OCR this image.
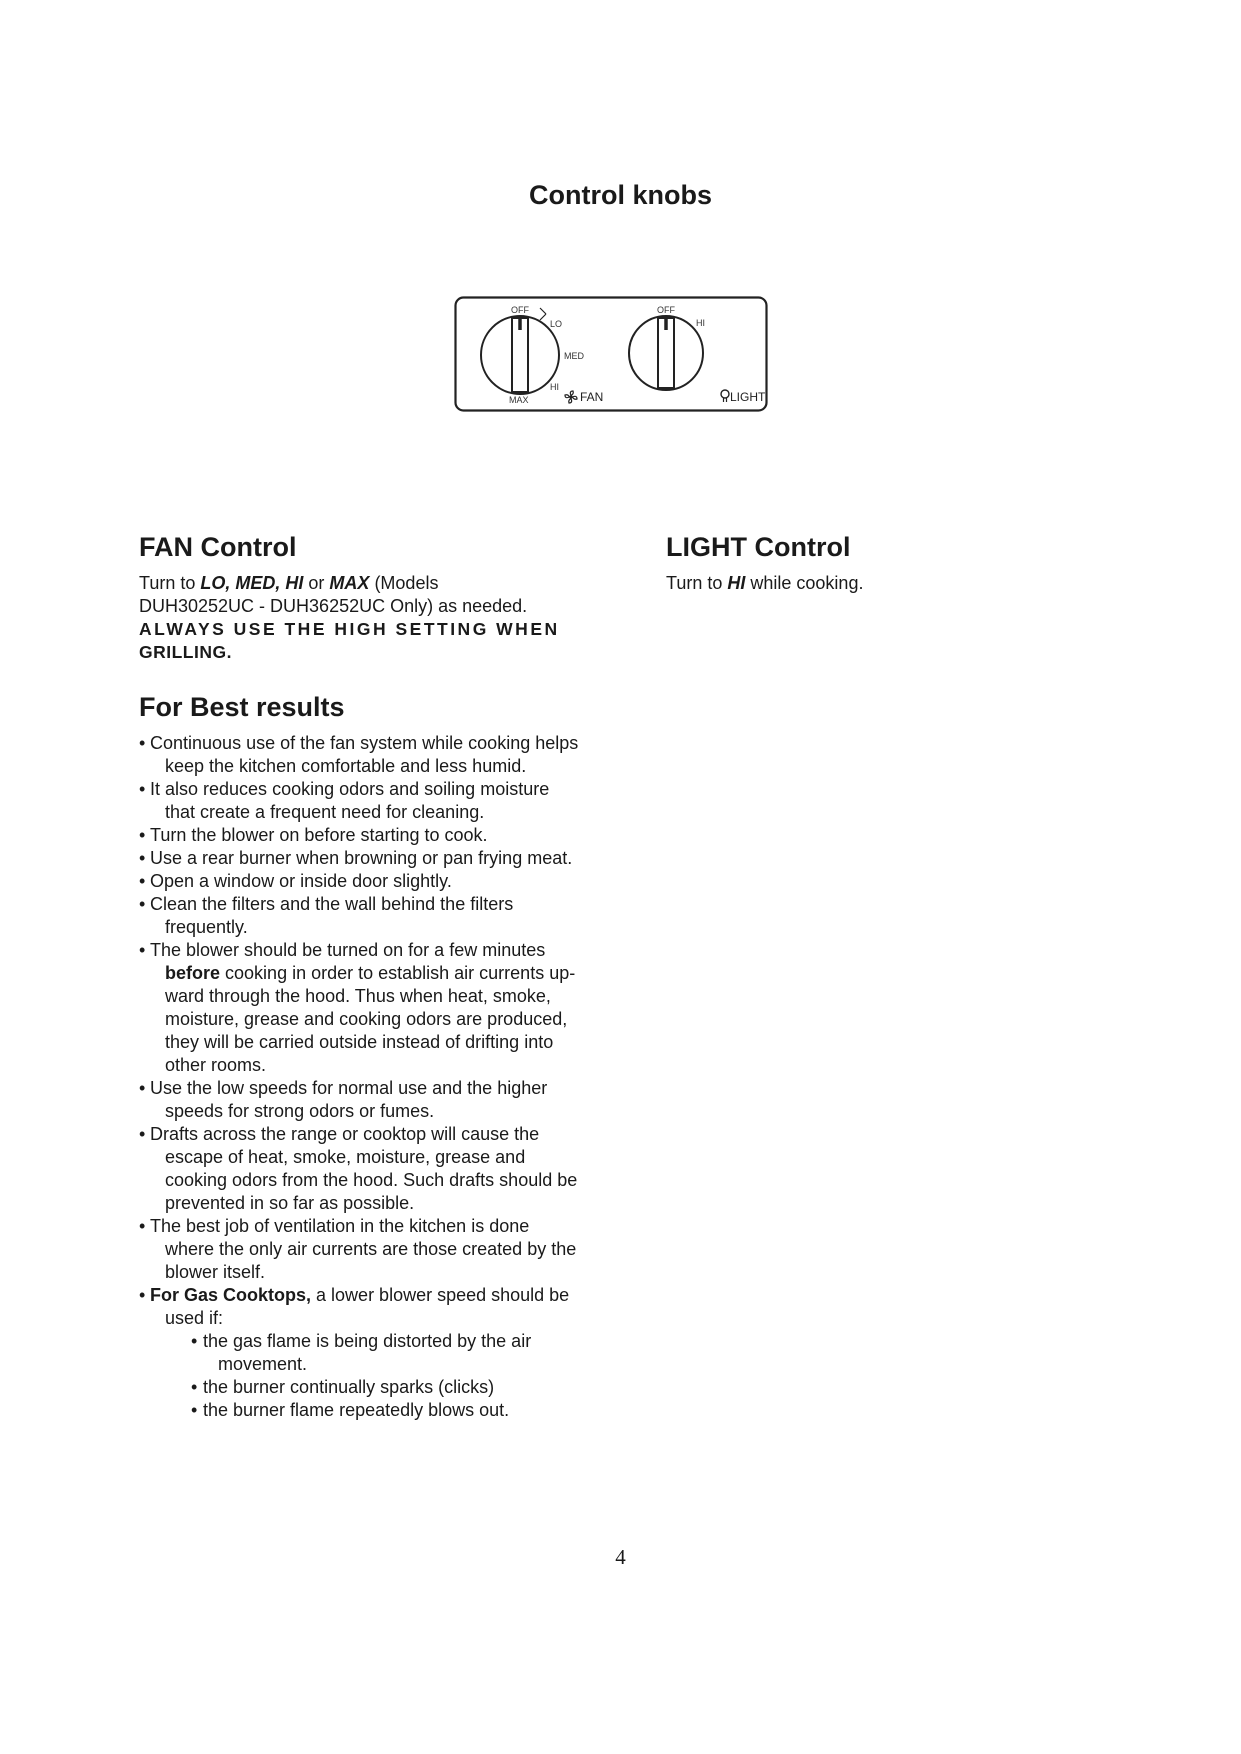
Control knobs
OFF
LO
MED
HI
MAX	FAN
OFF
HI
LIGHT
FAN Control
Turn to LO, MED, HI or MAX (Models
DUH30252UC - DUH36252UC Only) as needed.
ALWAYS USE THE HIGH SETTING WHEN
GRILLING.
For Best results
• Continuous use of the fan system while cooking helps keep the kitchen comfortable and less humid.
• It also reduces cooking odors and soiling moisture that create a frequent need for cleaning.
• Turn the blower on before starting to cook.
• Use a rear burner when browning or pan frying meat.
• Open a window or inside door slightly.
• Clean the filters and the wall behind the filters frequently.
• The blower should be turned on for a few minutes before cooking in order to establish air currents up-ward through the hood. Thus when heat, smoke, moisture, grease and cooking odors are produced, they will be carried outside instead of drifting into other rooms.
• Use the low speeds for normal use and the higher speeds for strong odors or fumes.
• Drafts across the range or cooktop will cause the escape of heat, smoke, moisture, grease and cooking odors from the hood. Such drafts should be prevented in so far as possible.
• The best job of ventilation in the kitchen is done where the only air currents are those created by the blower itself.
• For Gas Cooktops, a lower blower speed should be used if:
• the gas flame is being distorted by the air movement.
• the burner continually sparks (clicks)
• the burner flame repeatedly blows out.
LIGHT Control
Turn to HI while cooking.
4
